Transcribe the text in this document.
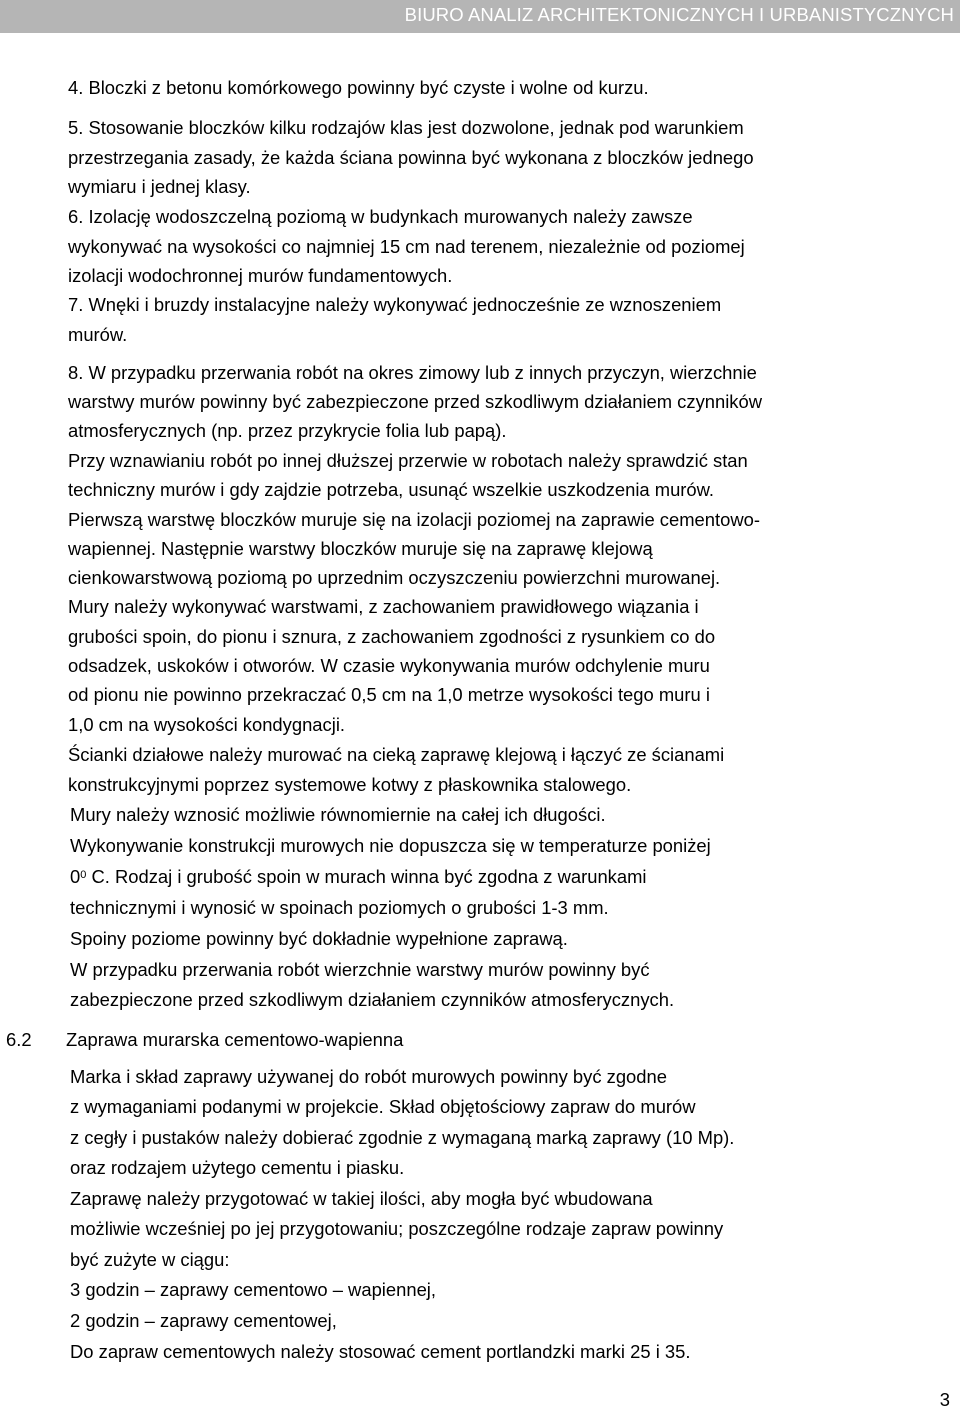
BIURO ANALIZ ARCHITEKTONICZNYCH I URBANISTYCZNYCH
4. Bloczki z betonu komórkowego powinny być czyste i wolne od kurzu.
5. Stosowanie bloczków kilku rodzajów klas jest dozwolone, jednak pod warunkiem
przestrzegania zasady, że każda ściana powinna być wykonana z bloczków jednego
wymiaru i jednej klasy.
6. Izolację wodoszczelną poziomą w budynkach murowanych należy zawsze
wykonywać na wysokości co najmniej 15 cm nad terenem, niezależnie od poziomej
izolacji wodochronnej murów fundamentowych.
7. Wnęki i bruzdy instalacyjne należy wykonywać jednocześnie ze wznoszeniem
murów.
8. W przypadku przerwania robót na okres zimowy lub z innych przyczyn, wierzchnie
warstwy murów powinny być zabezpieczone przed szkodliwym działaniem czynników
atmosferycznych (np. przez przykrycie folia lub papą).
Przy wznawianiu robót po innej dłuższej przerwie w robotach należy sprawdzić stan
techniczny murów i gdy zajdzie potrzeba, usunąć wszelkie uszkodzenia murów.
Pierwszą warstwę bloczków muruje się na izolacji poziomej na zaprawie cementowo-
wapiennej. Następnie warstwy bloczków muruje się na zaprawę klejową
cienkowarstwową poziomą po uprzednim oczyszczeniu powierzchni murowanej.
Mury należy wykonywać warstwami, z zachowaniem prawidłowego wiązania i
grubości spoin, do pionu i sznura, z zachowaniem zgodności z rysunkiem co do
odsadzek, uskoków i otworów. W czasie wykonywania murów odchylenie muru
od pionu nie powinno przekraczać 0,5 cm na 1,0 metrze wysokości tego muru i
1,0 cm na wysokości kondygnacji.
Ścianki działowe należy murować na cieką zaprawę klejową i łączyć ze ścianami
konstrukcyjnymi poprzez systemowe kotwy z płaskownika stalowego.
Mury należy wznosić możliwie równomiernie na całej ich długości.
Wykonywanie konstrukcji murowych nie dopuszcza się w temperaturze poniżej
$0^0$ C. Rodzaj i grubość spoin w murach winna być zgodna z warunkami
technicznymi i wynosić w spoinach poziomych o grubości 1-3 mm.
Spoiny poziome powinny być dokładnie wypełnione zaprawą.
W przypadku przerwania robót wierzchnie warstwy murów powinny być
zabezpieczone przed szkodliwym działaniem czynników atmosferycznych.
6.2 Zaprawa murarska cementowo-wapienna
Marka i skład zaprawy używanej do robót murowych powinny być zgodne
z wymaganiami podanymi w projekcie. Skład objętościowy zapraw do murów
z cegły i pustaków należy dobierać zgodnie z wymaganą marką zaprawy (10 Mp).
oraz rodzajem użytego cementu i piasku.
Zaprawę należy przygotować w takiej ilości, aby mogła być wbudowana
możliwie wcześniej po jej przygotowaniu; poszczególne rodzaje zapraw powinny
być zużyte w ciągu:
3 godzin – zaprawy cementowo – wapiennej,
2 godzin – zaprawy cementowej,
Do zapraw cementowych należy stosować cement portlandzki marki 25 i 35.
3
